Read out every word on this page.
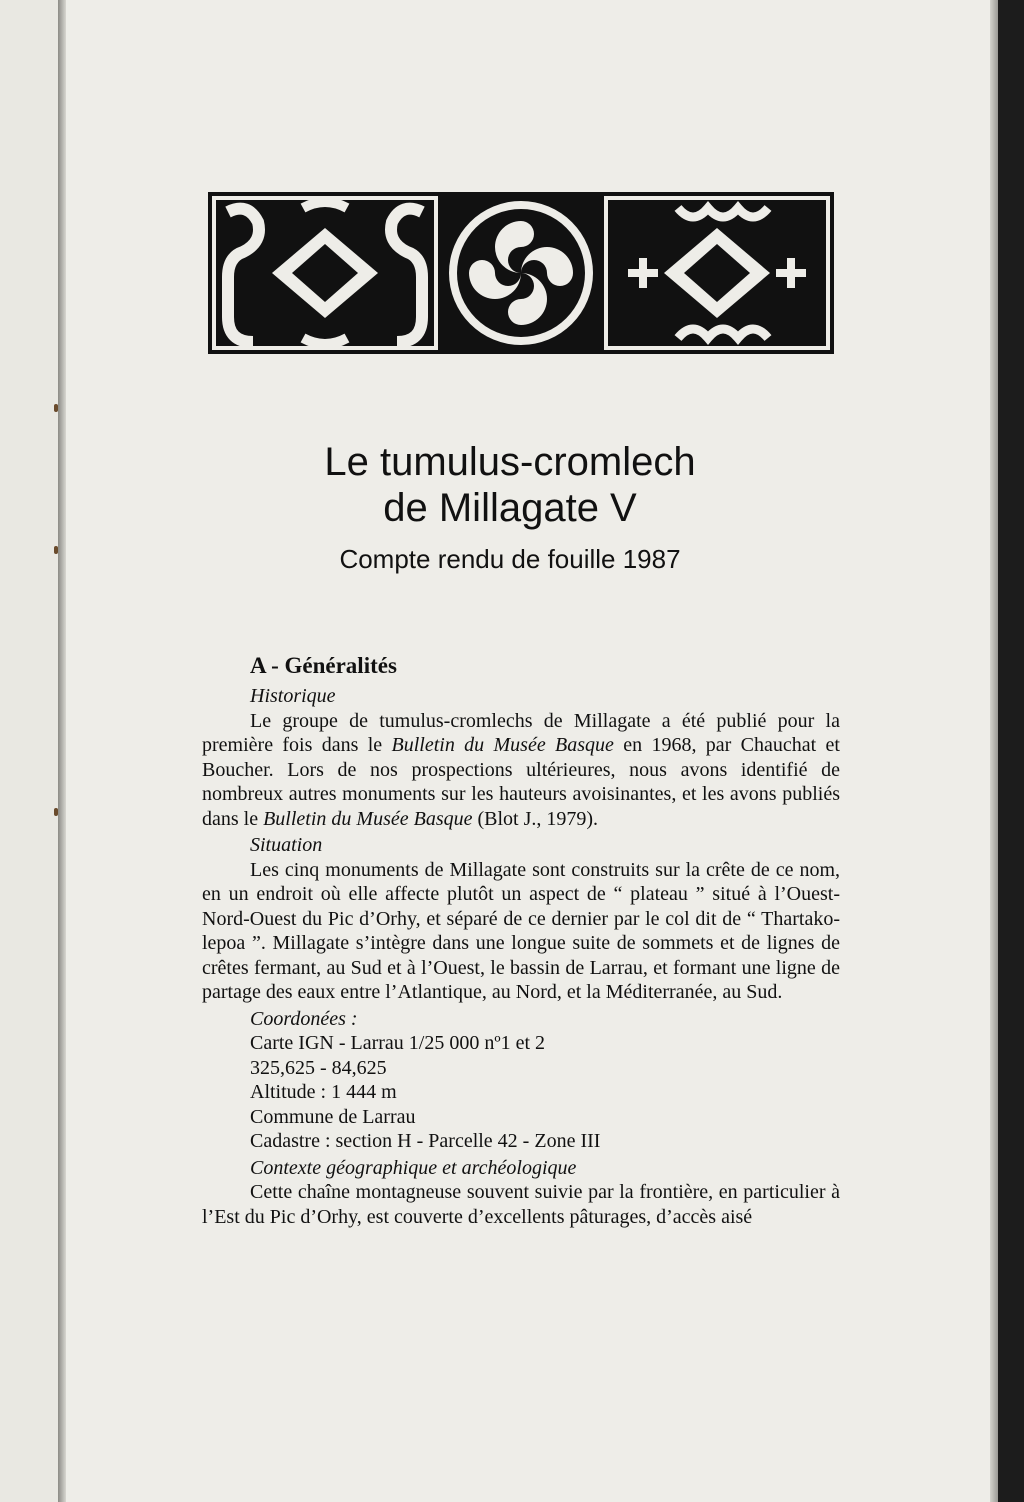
Le tumulus-cromlech
de Millagate V
Compte rendu de fouille 1987
A - Généralités
Historique

Le groupe de tumulus-cromlechs de Millagate a été publié pour la première fois dans le Bulletin du Musée Basque en 1968, par Chauchat et Boucher. Lors de nos prospections ultérieures, nous avons identifié de nombreux autres monuments sur les hauteurs avoisinantes, et les avons publiés dans le Bulletin du Musée Basque (Blot J., 1979).

Situation

Les cinq monuments de Millagate sont construits sur la crête de ce nom, en un endroit où elle affecte plutôt un aspect de “ plateau ” situé à l’Ouest-Nord-Ouest du Pic d’Orhy, et séparé de ce dernier par le col dit de “ Thartako-lepoa ”. Millagate s’intègre dans une longue suite de sommets et de lignes de crêtes fermant, au Sud et à l’Ouest, le bassin de Larrau, et formant une ligne de partage des eaux entre l’Atlantique, au Nord, et la Méditerranée, au Sud.

Coordonées :
Carte IGN - Larrau 1/25 000 nº1 et 2
325,625 - 84,625
Altitude : 1 444 m
Commune de Larrau
Cadastre : section H - Parcelle 42 - Zone III
Contexte géographique et archéologique

Cette chaîne montagneuse souvent suivie par la frontière, en particulier à l’Est du Pic d’Orhy, est couverte d’excellents pâturages, d’accès aisé
